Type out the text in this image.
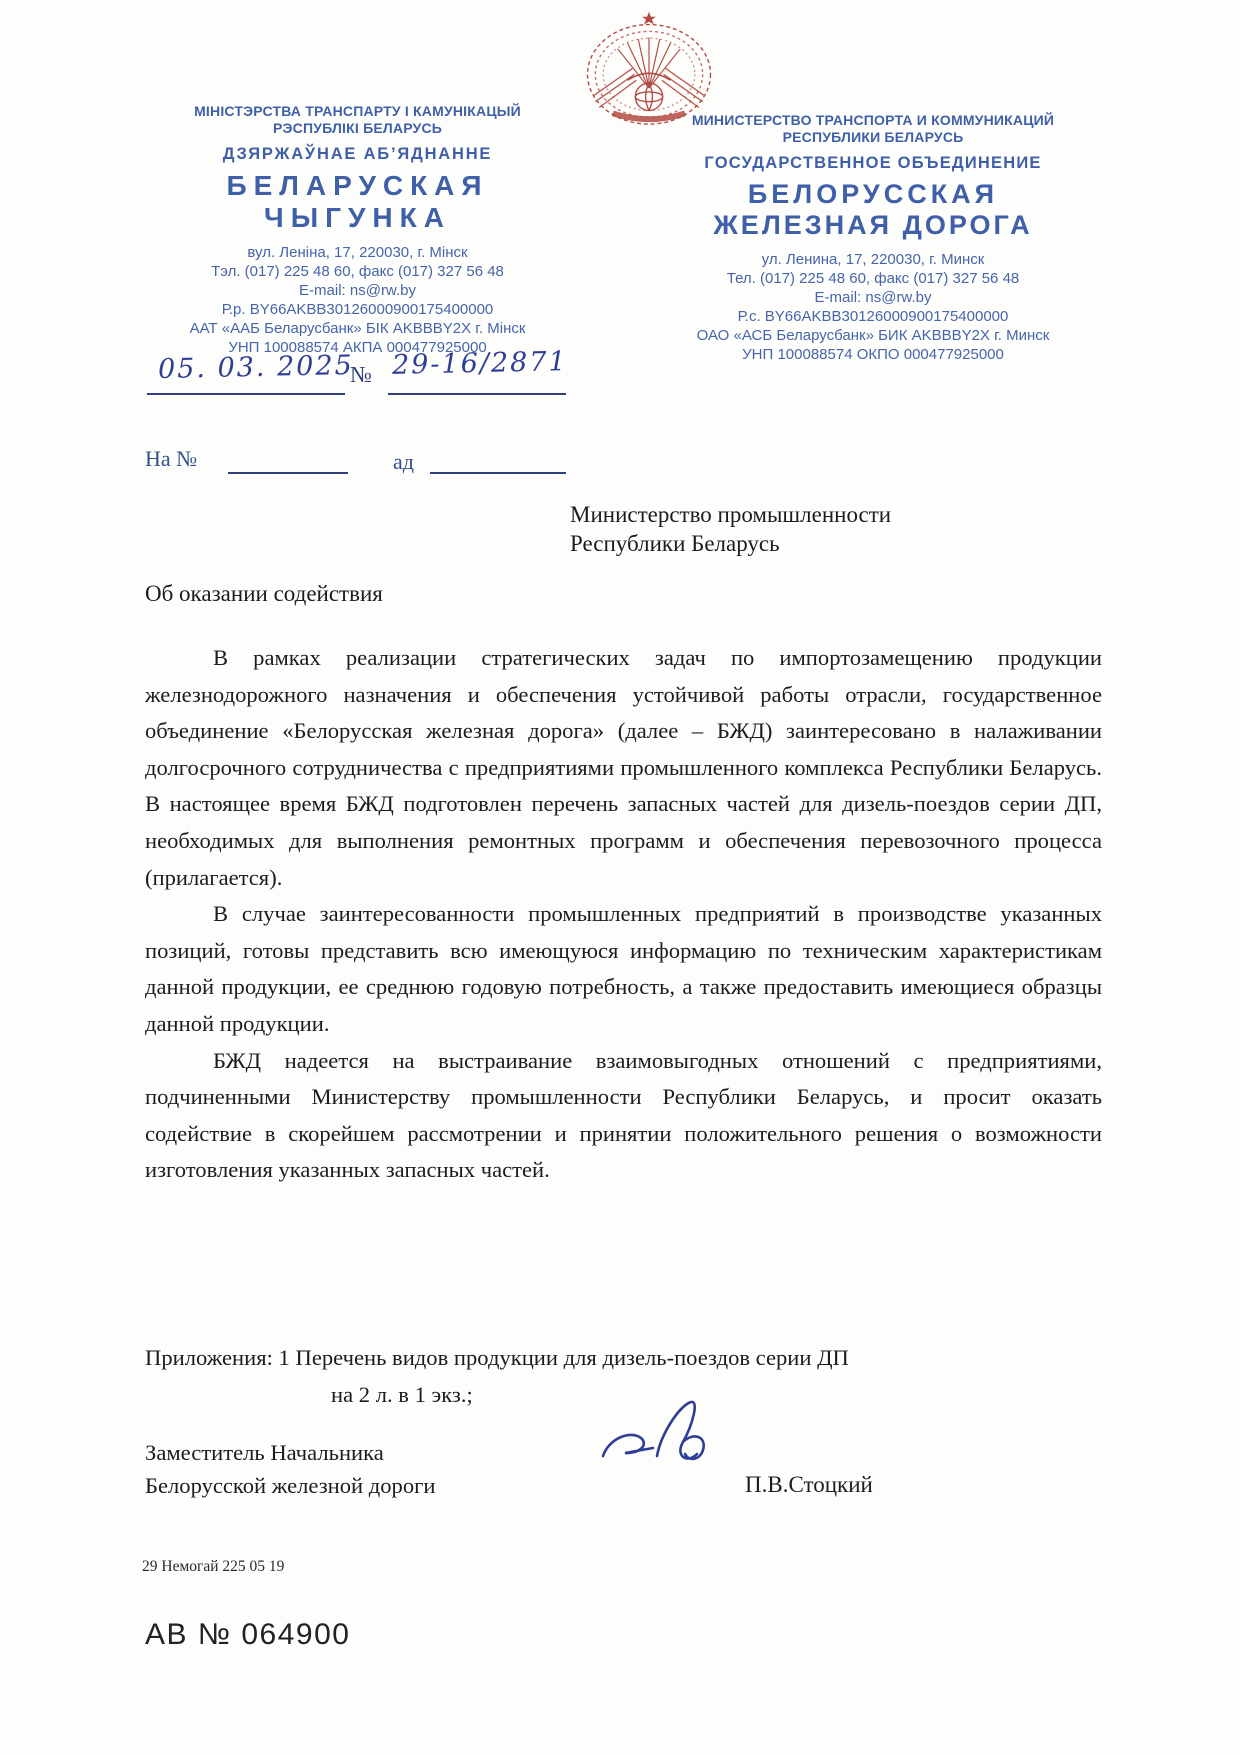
МІНІСТЭРСТВА ТРАНСПАРТУ І КАМУНІКАЦЫЙ
РЭСПУБЛІКІ БЕЛАРУСЬ
ДЗЯРЖАЎНАЕ АБ’ЯДНАННЕ
БЕЛАРУСКАЯ
ЧЫГУНКА
вул. Леніна, 17, 220030, г. Мінск
Тэл. (017) 225 48 60, факс (017) 327 56 48
E-mail: ns@rw.by
Р.р. BY66AKBB30126000900175400000
ААТ «ААБ Беларусбанк» БІК AKBBBY2X г. Мінск
УНП 100088574 АКПА 000477925000
МИНИСТЕРСТВО ТРАНСПОРТА И КОММУНИКАЦИЙ
РЕСПУБЛИКИ БЕЛАРУСЬ
ГОСУДАРСТВЕННОЕ ОБЪЕДИНЕНИЕ
БЕЛОРУССКАЯ
ЖЕЛЕЗНАЯ ДОРОГА
ул. Ленина, 17, 220030, г. Минск
Тел. (017) 225 48 60, факс (017) 327 56 48
E-mail: ns@rw.by
Р.с. BY66AKBB30126000900175400000
ОАО «АСБ Беларусбанк» БИК AKBBBY2X г. Минск
УНП 100088574 ОКПО 000477925000
05. 03. 2025
№ 29-16/2871
На №	ад
Министерство промышленности
Республики Беларусь
Об оказании содействия

В рамках реализации стратегических задач по импортозамещению продукции железнодорожного назначения и обеспечения устойчивой работы отрасли, государственное объединение «Белорусская железная дорога» (далее – БЖД) заинтересовано в налаживании долгосрочного сотрудничества с предприятиями промышленного комплекса Республики Беларусь. В настоящее время БЖД подготовлен перечень запасных частей для дизель-поездов серии ДП, необходимых для выполнения ремонтных программ и обеспечения перевозочного процесса (прилагается).

В случае заинтересованности промышленных предприятий в производстве указанных позиций, готовы представить всю имеющуюся информацию по техническим характеристикам данной продукции, ее среднюю годовую потребность, а также предоставить имеющиеся образцы данной продукции.

БЖД надеется на выстраивание взаимовыгодных отношений с предприятиями, подчиненными Министерству промышленности Республики Беларусь, и просит оказать содействие в скорейшем рассмотрении и принятии положительного решения о возможности изготовления указанных запасных частей.

Приложения: 1 Перечень видов продукции для дизель-поездов серии ДП
на 2 л. в 1 экз.;
Заместитель Начальника
Белорусской железной дороги	П.В.Стоцкий
29 Немогай 225 05 19
АВ № 064900
